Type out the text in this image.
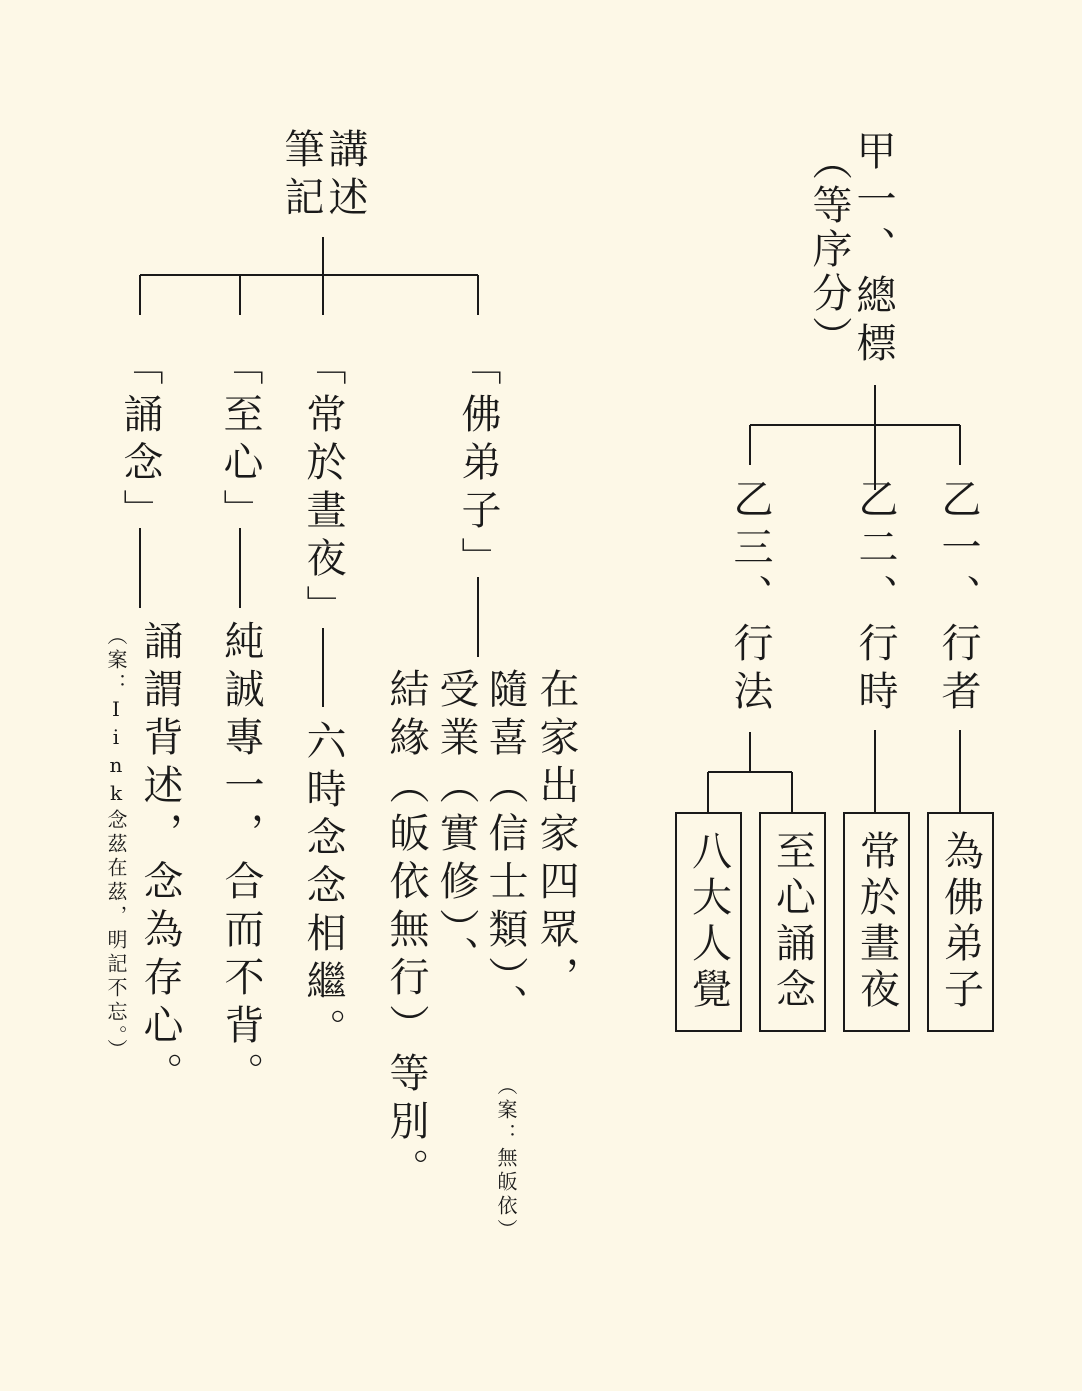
甲一、總標
（等序分）
乙一、行者
乙二、行時
乙三、行法
為佛弟子
常於晝夜
至心誦念
八大人覺
講述
筆記
「佛弟子」
在家出家四眾，
隨喜（信士類）、
受業（實修）、
結緣（皈依無行）等別。	（案：無皈依）
「常於晝夜」
六時念念相繼。
「至心」
純誠專一，合而不背。
「誦念」
誦謂背述，念為存心。
（案：Iink念茲在茲，明記不忘。）
